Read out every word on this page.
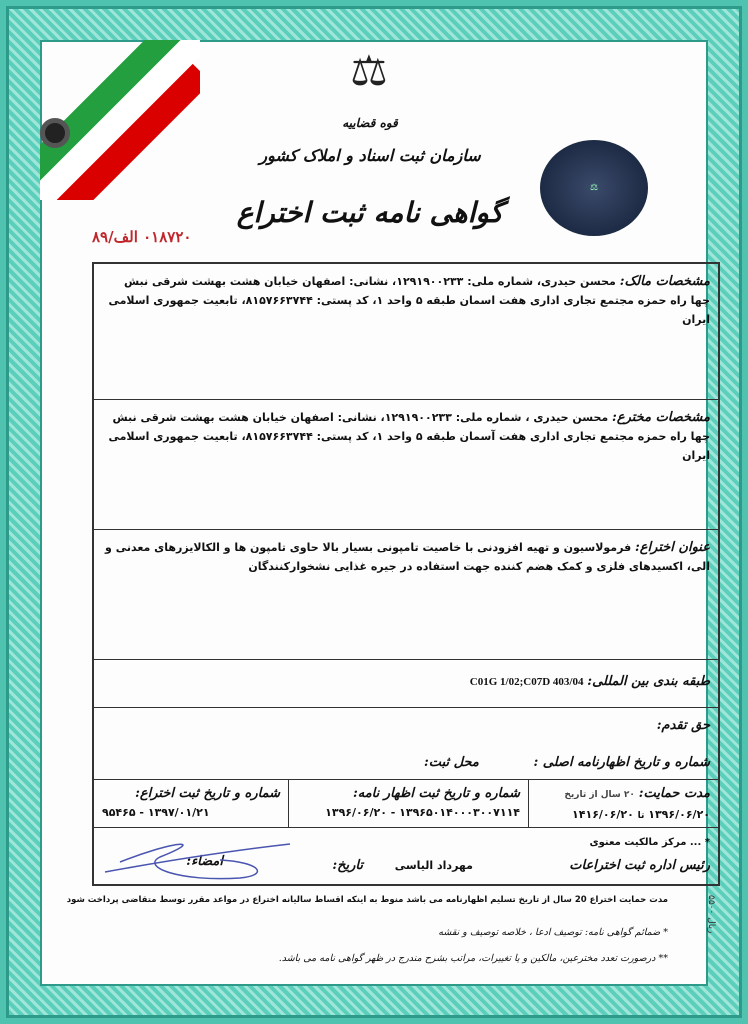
⚖
قوه قضاییه
سازمان ثبت اسناد و املاک کشور
گواهی نامه ثبت اختراع
⚖
۰۱۸۷۲۰ الف/۸۹
مشخصات مالک: محسن حیدری، شماره ملی: ۱۲۹۱۹۰۰۲۳۳، نشانی: اصفهان خیابان هشت بهشت شرقی نبش چها راه حمزه مجتمع تجاری اداری هفت اسمان طبقه ۵ واحد ۱، کد پستی: ۸۱۵۷۶۶۳۷۴۴، تابعیت جمهوری اسلامی ایران
مشخصات مخترع: محسن حیدری ، شماره ملی: ۱۲۹۱۹۰۰۲۳۳، نشانی: اصفهان خیابان هشت بهشت شرقی نبش چها راه حمزه مجتمع تجاری اداری هفت آسمان طبقه ۵ واحد ۱، کد پستی: ۸۱۵۷۶۶۳۷۴۴، تابعیت جمهوری اسلامی ایران
عنوان اختراع: فرمولاسیون و تهیه افزودنی با خاصیت تامپونی بسیار بالا حاوی تامپون ها و الکالایزرهای معدنی و الی، اکسیدهای فلزی و کمک هضم کننده جهت استفاده در جیره غذایی نشخوارکنندگان
طبقه بندی بین المللی: C01G 1/02;C07D 403/04
حق تقدم:
شماره و تاریخ اظهارنامه اصلی :
محل ثبت:
مدت حمایت: ۲۰ سال از تاریخ
۱۳۹۶/۰۶/۲۰ تا ۱۴۱۶/۰۶/۲۰
شماره و تاریخ ثبت اظهار نامه:
۱۳۹۶۵۰۱۴۰۰۰۳۰۰۷۱۱۴ - ۱۳۹۶/۰۶/۲۰
شماره و تاریخ ثبت اختراع:
۱۳۹۷/۰۱/۲۱ - ۹۵۴۶۵
* ... مرکز مالکیت معنوی
رئیس اداره ثبت اختراعات
مهرداد الیاسی
تاریخ:
امضاء:
مدت حمایت اختراع 20 سال از تاریخ تسلیم اظهارنامه می باشد منوط به اینکه اقساط سالیانه اختراع در مواعد مقرر توسط متقاضی پرداخت شود
* ضمائم گواهی نامه: توصیف ادعا ، خلاصه توصیف و نقشه
** درصورت تعدد مخترعین، مالکین و یا تغییرات، مراتب بشرح مندرج در ظهر گواهی نامه می باشد.
ریال ۵۵۰۰
